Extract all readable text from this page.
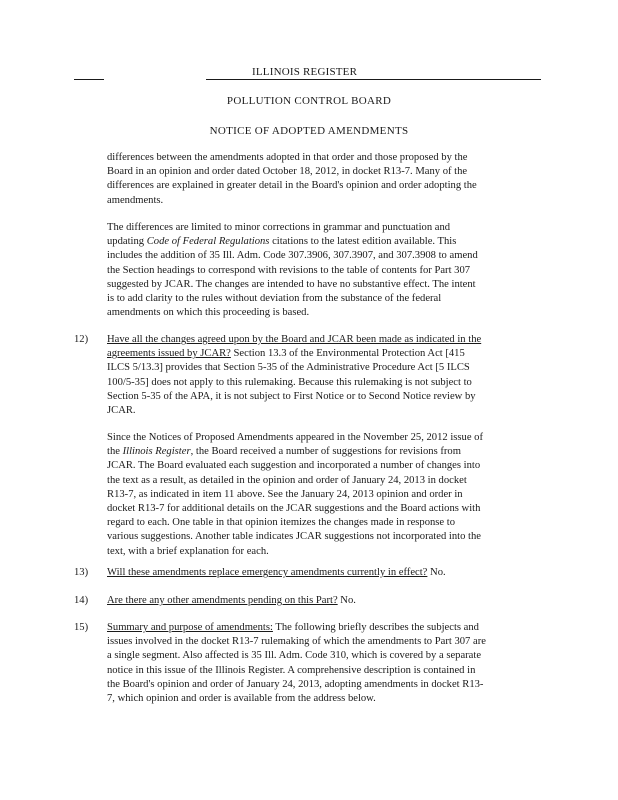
ILLINOIS REGISTER
POLLUTION CONTROL BOARD
NOTICE OF ADOPTED AMENDMENTS

differences between the amendments adopted in that order and those proposed by the
Board in an opinion and order dated October 18, 2012, in docket R13-7. Many of the
differences are explained in greater detail in the Board's opinion and order adopting the
amendments.

The differences are limited to minor corrections in grammar and punctuation and
updating Code of Federal Regulations citations to the latest edition available. This
includes the addition of 35 Ill. Adm. Code 307.3906, 307.3907, and 307.3908 to amend
the Section headings to correspond with revisions to the table of contents for Part 307
suggested by JCAR. The changes are intended to have no substantive effect. The intent
is to add clarity to the rules without deviation from the substance of the federal
amendments on which this proceeding is based.

12) Have all the changes agreed upon by the Board and JCAR been made as indicated in the
agreements issued by JCAR? Section 13.3 of the Environmental Protection Act [415
ILCS 5/13.3] provides that Section 5-35 of the Administrative Procedure Act [5 ILCS
100/5-35] does not apply to this rulemaking. Because this rulemaking is not subject to
Section 5-35 of the APA, it is not subject to First Notice or to Second Notice review by
JCAR.

Since the Notices of Proposed Amendments appeared in the November 25, 2012 issue of
the Illinois Register, the Board received a number of suggestions for revisions from
JCAR. The Board evaluated each suggestion and incorporated a number of changes into
the text as a result, as detailed in the opinion and order of January 24, 2013 in docket
R13-7, as indicated in item 11 above. See the January 24, 2013 opinion and order in
docket R13-7 for additional details on the JCAR suggestions and the Board actions with
regard to each. One table in that opinion itemizes the changes made in response to
various suggestions. Another table indicates JCAR suggestions not incorporated into the
text, with a brief explanation for each.

13) Will these amendments replace emergency amendments currently in effect? No.

14) Are there any other amendments pending on this Part? No.

15) Summary and purpose of amendments: The following briefly describes the subjects and
issues involved in the docket R13-7 rulemaking of which the amendments to Part 307 are
a single segment. Also affected is 35 Ill. Adm. Code 310, which is covered by a separate
notice in this issue of the Illinois Register. A comprehensive description is contained in
the Board's opinion and order of January 24, 2013, adopting amendments in docket R13-
7, which opinion and order is available from the address below.
